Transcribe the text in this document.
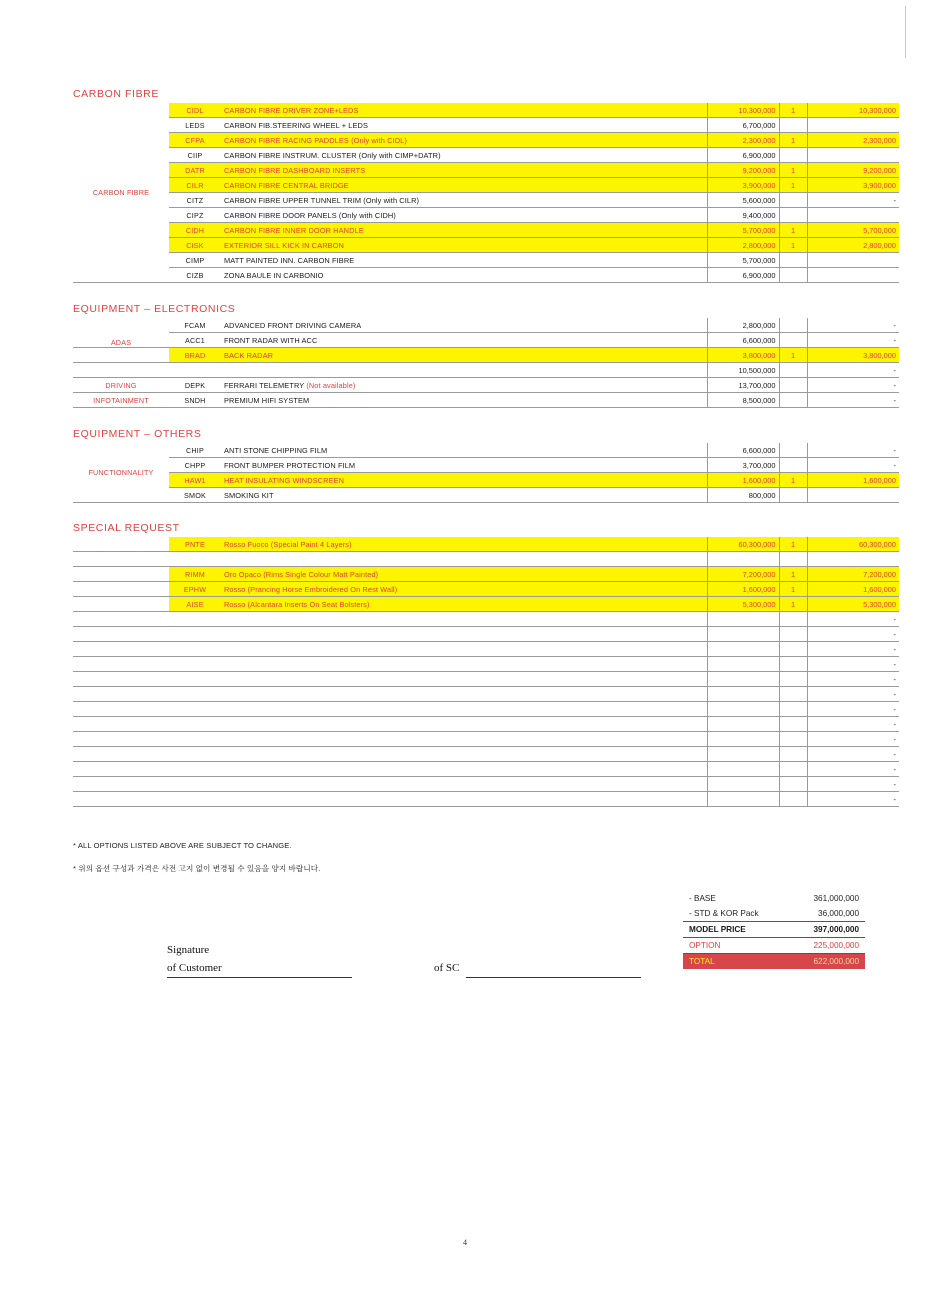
CARBON FIBRE
CARBON FIBRE	CIDL	CARBON FIBRE DRIVER ZONE+LEDS	10,300,000	1	10,300,000
	LEDS	CARBON FIB.STEERING WHEEL + LEDS	6,700,000		
	CFPA	CARBON FIBRE RACING PADDLES (Only with CIDL)	2,300,000	1	2,300,000
	CIIP	CARBON FIBRE INSTRUM. CLUSTER (Only with CIMP+DATR)	6,900,000		
	DATR	CARBON FIBRE DASHBOARD INSERTS	9,200,000	1	9,200,000
	CILR	CARBON FIBRE CENTRAL BRIDGE	3,900,000	1	3,900,000
	CITZ	CARBON FIBRE UPPER TUNNEL TRIM (Only with CILR)	5,600,000		-
	CIPZ	CARBON FIBRE DOOR PANELS (Only with CIDH)	9,400,000		
	CIDH	CARBON FIBRE INNER DOOR HANDLE	5,700,000	1	5,700,000
	CISK	EXTERIOR SILL KICK IN CARBON	2,800,000	1	2,800,000
	CIMP	MATT PAINTED INN. CARBON FIBRE	5,700,000		
	CIZB	ZONA BAULE IN CARBONIO	6,900,000		
EQUIPMENT – ELECTRONICS
ADAS	FCAM	ADVANCED FRONT DRIVING CAMERA	2,800,000		-
	ACC1	FRONT RADAR WITH ACC	6,600,000		-
	BRAD	BACK RADAR	3,800,000	1	3,800,000
			10,500,000		-
DRIVING	DEPK	FERRARI TELEMETRY (Not available)	13,700,000		-
INFOTAINMENT	SNDH	PREMIUM HIFI SYSTEM	8,500,000		-
EQUIPMENT – OTHERS
FUNCTIONNALITY	CHIP	ANTI STONE CHIPPING FILM	6,600,000		-
	CHPP	FRONT BUMPER PROTECTION FILM	3,700,000		-
	HAW1	HEAT INSULATING WINDSCREEN	1,600,000	1	1,600,000
	SMOK	SMOKING KIT	800,000		
SPECIAL REQUEST
	PNTE	Rosso Fuoco (Special Paint 4 Layers)	60,300,000	1	60,300,000

	RIMM	Oro Opaco (Rims Single Colour Matt Painted)	7,200,000	1	7,200,000
	EPHW	Rosso (Prancing Horse Embroidered On Rest Wall)	1,600,000	1	1,600,000
	AISE	Rosso (Alcantara Inserts On Seat Bolsters)	5,300,000	1	5,300,000
					-
					-
					-
					-
					-
					-
					-
					-
					-
					-
					-
					-
					-
* ALL OPTIONS LISTED ABOVE ARE SUBJECT TO CHANGE.
* 위의 옵션 구성과 가격은 사전 고지 없이 변경될 수 있음을 양지 바랍니다.
Signature
of Customer	of SC
- BASE	361,000,000
- STD & KOR Pack	36,000,000
MODEL PRICE	397,000,000
OPTION	225,000,000
TOTAL	622,000,000
4
